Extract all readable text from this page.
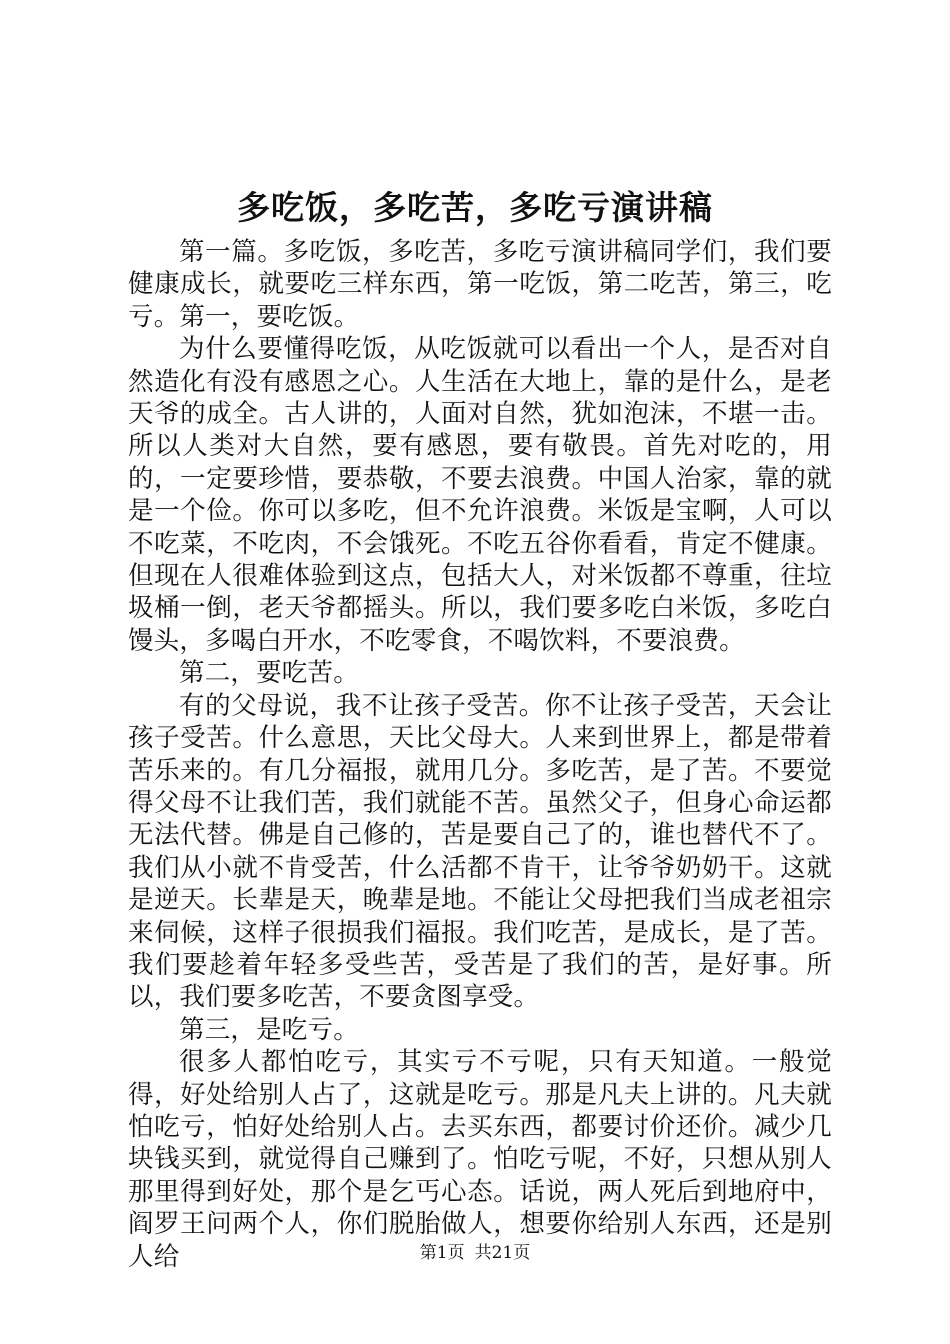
多吃饭，多吃苦，多吃亏演讲稿

第一篇。多吃饭，多吃苦，多吃亏演讲稿同学们，我们要健康成长，就要吃三样东西，第一吃饭，第二吃苦，第三，吃亏。第一，要吃饭。

为什么要懂得吃饭，从吃饭就可以看出一个人，是否对自然造化有没有感恩之心。人生活在大地上，靠的是什么，是老天爷的成全。古人讲的，人面对自然，犹如泡沫，不堪一击。所以人类对大自然，要有感恩，要有敬畏。首先对吃的，用的，一定要珍惜，要恭敬，不要去浪费。中国人治家，靠的就是一个俭。你可以多吃，但不允许浪费。米饭是宝啊，人可以不吃菜，不吃肉，不会饿死。不吃五谷你看看，肯定不健康。但现在人很难体验到这点，包括大人，对米饭都不尊重，往垃圾桶一倒，老天爷都摇头。所以，我们要多吃白米饭，多吃白馒头，多喝白开水，不吃零食，不喝饮料，不要浪费。

第二，要吃苦。

有的父母说，我不让孩子受苦。你不让孩子受苦，天会让孩子受苦。什么意思，天比父母大。人来到世界上，都是带着苦乐来的。有几分福报，就用几分。多吃苦，是了苦。不要觉得父母不让我们苦，我们就能不苦。虽然父子，但身心命运都无法代替。佛是自己修的，苦是要自己了的，谁也替代不了。我们从小就不肯受苦，什么活都不肯干，让爷爷奶奶干。这就是逆天。长辈是天，晚辈是地。不能让父母把我们当成老祖宗来伺候，这样子很损我们福报。我们吃苦，是成长，是了苦。我们要趁着年轻多受些苦，受苦是了我们的苦，是好事。所以，我们要多吃苦，不要贪图享受。

第三，是吃亏。

很多人都怕吃亏，其实亏不亏呢，只有天知道。一般觉得，好处给别人占了，这就是吃亏。那是凡夫上讲的。凡夫就怕吃亏，怕好处给别人占。去买东西，都要讨价还价。减少几块钱买到，就觉得自己赚到了。怕吃亏呢，不好，只想从别人那里得到好处，那个是乞丐心态。话说，两人死后到地府中，阎罗王问两个人，你们脱胎做人，想要你给别人东西，还是别人给	第1页 共21页
